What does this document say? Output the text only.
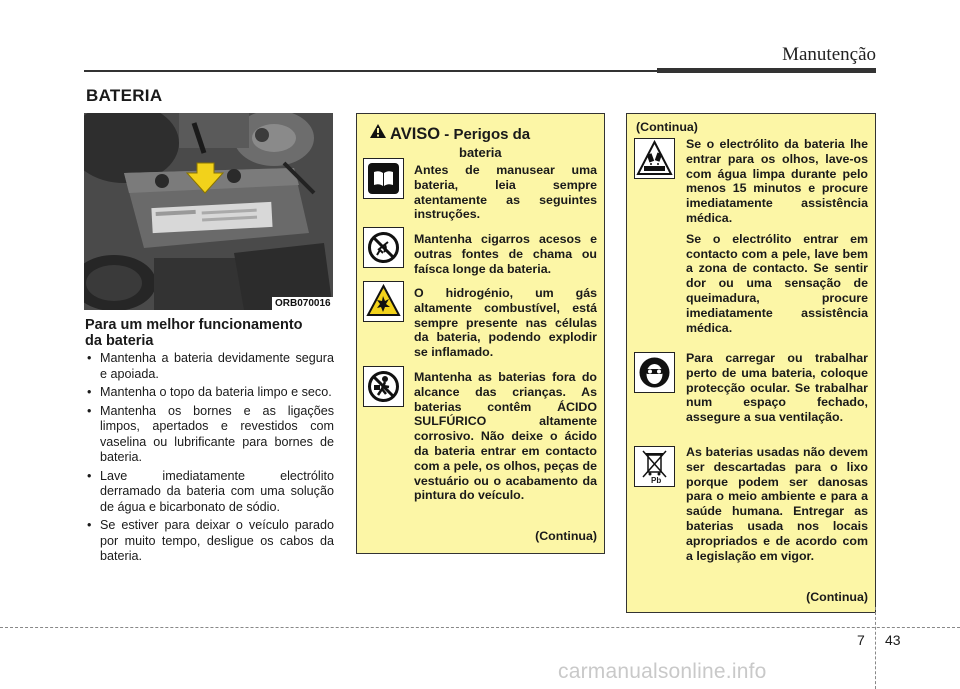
Manutenção
BATERIA
ORB070016
Para um melhor funcionamento
da bateria
• Mantenha a bateria devidamente segura e apoiada.
• Mantenha o topo da bateria limpo e seco.
• Mantenha os bornes e as ligações limpos, apertados e revestidos com vaselina ou lubrificante para bornes de bateria.
• Lave imediatamente electrólito derramado da bateria com uma solução de água e bicarbonato de sódio.
• Se estiver para deixar o veículo parado por muito tempo, desligue os cabos da bateria.
AVISO - Perigos da
bateria

Antes de manusear uma bateria, leia sempre atentamente as seguintes instruções.

Mantenha cigarros acesos e outras fontes de chama ou faísca longe da bateria.

O hidrogénio, um gás altamente combustível, está sempre presente nas células da bateria, podendo explodir se inflamado.

Mantenha as baterias fora do alcance das crianças. As baterias contêm ÁCIDO SULFÚRICO altamente corrosivo. Não deixe o ácido da bateria entrar em contacto com a pele, os olhos, peças de vestuário ou o acabamento da pintura do veículo.

(Continua)
(Continua)
Pb

Se o electrólito da bateria lhe entrar para os olhos, lave-os com água limpa durante pelo menos 15 minutos e procure imediatamente assistência médica.

Se o electrólito entrar em contacto com a pele, lave bem a zona de contacto. Se sentir dor ou uma sensação de queimadura, procure imediatamente assistência médica.

Para carregar ou trabalhar perto de uma bateria, coloque protecção ocular. Se trabalhar num espaço fechado, assegure a sua ventilação.

As baterias usadas não devem ser descartadas para o lixo porque podem ser danosas para o meio ambiente e para a saúde humana. Entregar as baterias usada nos locais apropriados e de acordo com a legislação em vigor.

(Continua)
7 43
carmanualsonline.info
